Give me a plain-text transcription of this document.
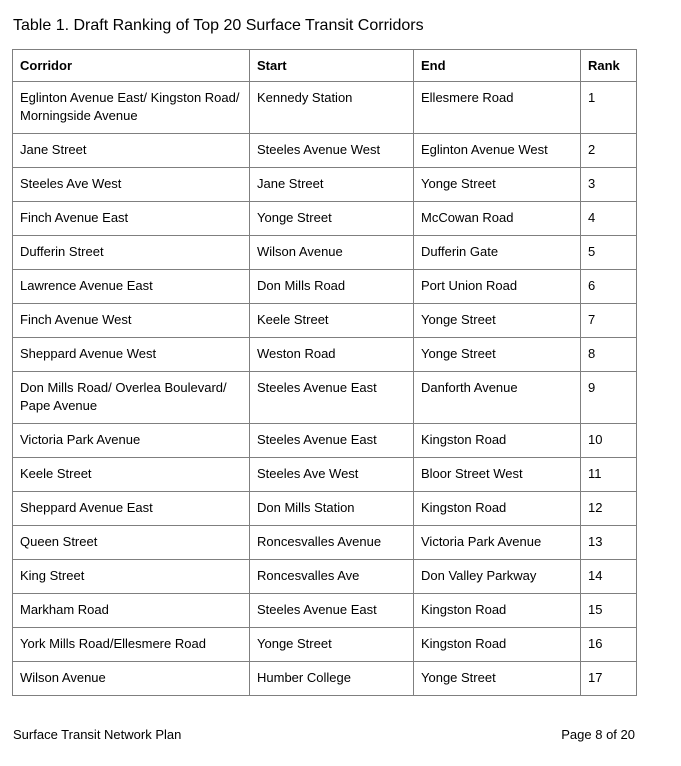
Table 1. Draft Ranking of Top 20 Surface Transit Corridors
Corridor	Start	End	Rank
Eglinton Avenue East/ Kingston Road/ Morningside Avenue	Kennedy Station	Ellesmere Road	1
Jane Street	Steeles Avenue West	Eglinton Avenue West	2
Steeles Ave West	Jane Street	Yonge Street	3
Finch Avenue East	Yonge Street	McCowan Road	4
Dufferin Street	Wilson Avenue	Dufferin Gate	5
Lawrence Avenue East	Don Mills Road	Port Union Road	6
Finch Avenue West	Keele Street	Yonge Street	7
Sheppard Avenue West	Weston Road	Yonge Street	8
Don Mills Road/ Overlea Boulevard/ Pape Avenue	Steeles Avenue East	Danforth Avenue	9
Victoria Park Avenue	Steeles Avenue East	Kingston Road	10
Keele Street	Steeles Ave West	Bloor Street West	11
Sheppard Avenue East	Don Mills Station	Kingston Road	12
Queen Street	Roncesvalles Avenue	Victoria Park Avenue	13
King Street	Roncesvalles Ave	Don Valley Parkway	14
Markham Road	Steeles Avenue East	Kingston Road	15
York Mills Road/Ellesmere Road	Yonge Street	Kingston Road	16
Wilson Avenue	Humber College	Yonge Street	17
Surface Transit Network Plan	Page 8 of 20
